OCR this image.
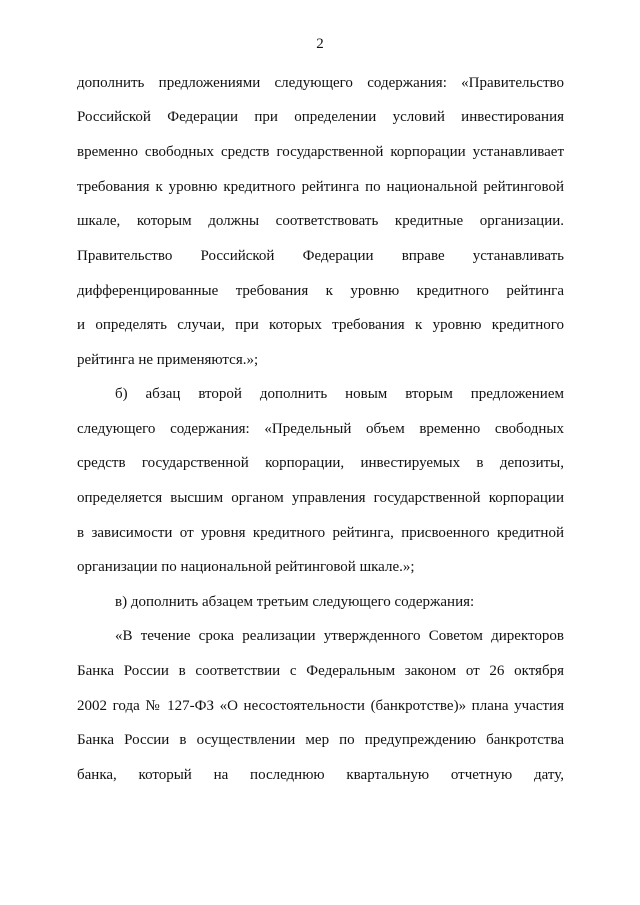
2
дополнить предложениями следующего содержания: «Правительство
Российской Федерации при определении условий инвестирования
временно свободных средств государственной корпорации устанавливает
требования к уровню кредитного рейтинга по национальной рейтинговой
шкале, которым должны соответствовать кредитные организации.
Правительство Российской Федерации вправе устанавливать
дифференцированные требования к уровню кредитного рейтинга
и определять случаи, при которых требования к уровню кредитного
рейтинга не применяются.»;
б) абзац второй дополнить новым вторым предложением
следующего содержания: «Предельный объем временно свободных
средств государственной корпорации, инвестируемых в депозиты,
определяется высшим органом управления государственной корпорации
в зависимости от уровня кредитного рейтинга, присвоенного кредитной
организации по национальной рейтинговой шкале.»;
в) дополнить абзацем третьим следующего содержания:
«В течение срока реализации утвержденного Советом директоров
Банка России в соответствии с Федеральным законом от 26 октября
2002 года № 127-ФЗ «О несостоятельности (банкротстве)» плана участия
Банка России в осуществлении мер по предупреждению банкротства
банка, который на последнюю квартальную отчетную дату,
